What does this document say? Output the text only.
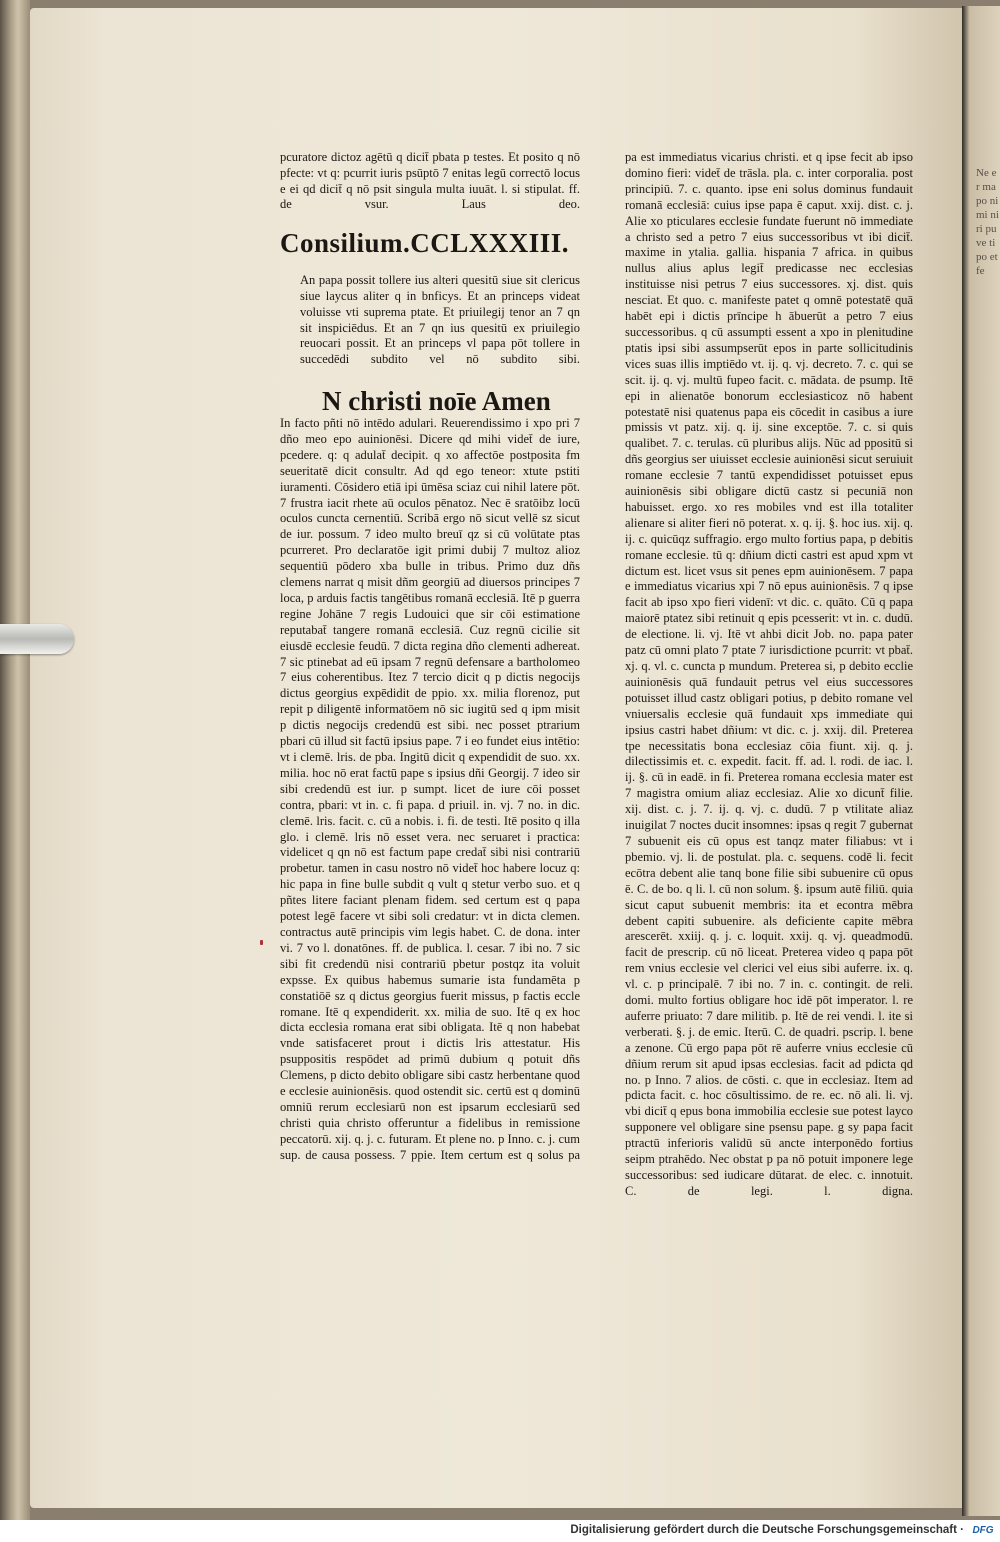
Ne er ma po ni mi ni ri pu ve ti po et fe

pcuratore dictoz agētū q dicit̄ pbata p testes. Et posito q nō pfecte: vt q: pcurrit iuris psūptō 7 enitas legū correctō locus e ei qd dicit̄ q nō psit singula multa iuuāt. l. si stipulat. ff. de vsur. Laus deo.

Consilium.CCLXXXIII.

An papa possit tollere ius alteri quesitū siue sit clericus siue laycus aliter q in bnficys. Et an princeps videat voluisse vti suprema ptate. Et priuilegij tenor an 7 qn sit inspiciēdus. Et an 7 qn ius quesitū ex priuilegio reuocari possit. Et an princeps vl papa pōt tollere in succedēdi subdito vel nō subdito sibi.

N christi noīe Amen

In facto pñti nō intēdo adulari. Reuerendissimo i xpo pri 7 dño meo epo auinionēsi. Dicere qd mihi videt̄ de iure, pcedere. q: q adulat̄ decipit. q xo affectōe postposita fm seueritatē dicit consultr. Ad qd ego teneor: xtute pstiti iuramenti. Cōsidero etiā ipi ūmēsa sciaz cui nihil latere pōt. 7 frustra iacit rhete aū oculos pēnatoz. Nec ē sratōibz locū oculos cuncta cernentiū. Scribā ergo nō sicut vellē sz sicut de iur. possum. 7 ideo multo breuī qz si cū volūtate ptas pcurreret. Pro declaratōe igit primi dubij 7 multoz alioz sequentiū pōdero xba bulle in tribus. Primo duz dñs clemens narrat q misit dñm georgiū ad diuersos principes 7 loca, p arduis factis tangētibus romanā ecclesiā. Itē p guerra regine Johāne 7 regis Ludouici que sir cōi estimatione reputabat̄ tangere romanā ecclesiā. Cuz regnū cicilie sit eiusdē ecclesie feudū. 7 dicta regina dño clementi adhereat. 7 sic ptinebat ad eū ipsam 7 regnū defensare a bartholomeo 7 eius coherentibus. Itez 7 tercio dicit q p dictis negocijs dictus georgius expēdidit de ppio. xx. milia florenoz, put repit p diligentē informatōem nō sic iugitū sed q ipm misit p dictis negocijs credendū est sibi. nec posset ptrarium pbari cū illud sit factū ipsius pape. 7 i eo fundet eius intētio: vt i clemē. lris. de pba. Ingitū dicit q expendidit de suo. xx. milia. hoc nō erat factū pape s ipsius dñi Georgij. 7 ideo sir sibi credendū est iur. p sumpt. licet de iure cōi posset contra, pbari: vt in. c. fi papa. d priuil. in. vj. 7 no. in dic. clemē. lris. facit. c. cū a nobis. i. fi. de testi. Itē posito q illa glo. i clemē. lris nō esset vera. nec seruaret i practica: videlicet q qn nō est factum pape credat̄ sibi nisi contrariū probetur. tamen in casu nostro nō videt̄ hoc habere locuz q: hic papa in fine bulle subdit q vult q stetur verbo suo. et q pñtes litere faciant plenam fidem. sed certum est q papa potest legē facere vt sibi soli credatur: vt in dicta clemen. contractus autē principis vim legis habet. C. de dona. inter vi. 7 vo l. donatōnes. ff. de publica. l. cesar. 7 ibi no. 7 sic sibi fit credendū nisi contrariū pbetur postqz ita voluit expsse. Ex quibus habemus sumarie ista fundamēta p constatiōē sz q dictus georgius fuerit missus, p factis eccle romane. Itē q expendiderit. xx. milia de suo. Itē q ex hoc dicta ecclesia romana erat sibi obligata. Itē q non habebat vnde satisfaceret prout i dictis lris attestatur. His psuppositis respōdet ad primū dubium q potuit dñs Clemens, p dicto debito obligare sibi castz herbentane quod e ecclesie auinionēsis. quod ostendit sic. certū est q dominū omniū rerum ecclesiarū non est ipsarum ecclesiarū sed christi quia christo offeruntur a fidelibus in remissione peccatorū. xij. q. j. c. futuram. Et plene no. p Inno. c. j. cum sup. de causa possess. 7 ppie. Item certum est q solus pa

pa est immediatus vicarius christi. et q ipse fecit ab ipso domino fieri: videt̄ de trāsla. pla. c. inter corporalia. post principiū. 7. c. quanto. ipse eni solus dominus fundauit romanā ecclesiā: cuius ipse papa ē caput. xxij. dist. c. j. Alie xo pticulares ecclesie fundate fuerunt nō immediate a christo sed a petro 7 eius successoribus vt ibi dicit̄. maxime in ytalia. gallia. hispania 7 africa. in quibus nullus alius aplus legit̄ predicasse nec ecclesias instituisse nisi petrus 7 eius successores. xj. dist. quis nesciat. Et quo. c. manifeste patet q omnē potestatē quā habēt epi i dictis prīncipe h ābuerūt a petro 7 eius successoribus. q cū assumpti essent a xpo in plenitudine ptatis ipsi sibi assumpserūt epos in parte sollicitudinis vices suas illis imptiēdo vt. ij. q. vj. decreto. 7. c. qui se scit. ij. q. vj. multū fupeo facit. c. mādata. de psump. Itē epi in alienatōe bonorum ecclesiasticoz nō habent potestatē nisi quatenus papa eis cōcedit in casibus a iure pmissis vt patz. xij. q. ij. sine exceptōe. 7. c. si quis qualibet. 7. c. terulas. cū pluribus alijs. Nūc ad ppositū si dñs georgius ser uiuisset ecclesie auinionēsi sicut seruiuit romane ecclesie 7 tantū expendidisset potuisset epus auinionēsis sibi obligare dictū castz si pecuniā non habuisset. ergo. xo res mobiles vnd est illa totaliter alienare si aliter fieri nō poterat. x. q. ij. §. hoc ius. xij. q. ij. c. quicūqz suffragio. ergo multo fortius papa, p debitis romane ecclesie. tū q: dñium dicti castri est apud xpm vt dictum est. licet vsus sit penes epm auinionēsem. 7 papa e immediatus vicarius xpi 7 nō epus auinionēsis. 7 q ipse facit ab ipso xpo fieri videnī: vt dic. c. quāto. Cū q papa maiorē ptatez sibi retinuit q epis pcesserit: vt in. c. dudū. de electione. li. vj. Itē vt ahbi dicit Job. no. papa pater patz cū omni plato 7 ptate 7 iurisdictione pcurrit: vt pbat̄. xj. q. vl. c. cuncta p mundum. Preterea si, p debito ecclie auinionēsis quā fundauit petrus vel eius successores potuisset illud castz obligari potius, p debito romane vel vniuersalis ecclesie quā fundauit xps immediate qui ipsius castri habet dñium: vt dic. c. j. xxij. dil. Preterea tpe necessitatis bona ecclesiaz cōia fiunt. xij. q. j. dilectissimis et. c. expedit. facit. ff. ad. l. rodi. de iac. l. ij. §. cū in eadē. in fi. Preterea romana ecclesia mater est 7 magistra omium aliaz ecclesiaz. Alie xo dicunt̄ filie. xij. dist. c. j. 7. ij. q. vj. c. dudū. 7 p vtilitate aliaz inuigilat 7 noctes ducit insomnes: ipsas q regit 7 gubernat 7 subuenit eis cū opus est tanqz mater filiabus: vt i pbemio. vj. li. de postulat. pla. c. sequens. codē li. fecit ecōtra debent alie tanq bone filie sibi subuenire cū opus ē. C. de bo. q li. l. cū non solum. §. ipsum autē filiū. quia sicut caput subuenit membris: ita et econtra mēbra debent capiti subuenire. als deficiente capite mēbra arescerēt. xxiij. q. j. c. loquit. xxij. q. vj. queadmodū. facit de prescrip. cū nō liceat. Preterea video q papa pōt rem vnius ecclesie vel clerici vel eius sibi auferre. ix. q. vl. c. p principalē. 7 ibi no. 7 in. c. contingit. de reli. domi. multo fortius obligare hoc idē pōt imperator. l. re auferre priuato: 7 dare militib. p. Itē de rei vendi. l. ite si verberati. §. j. de emic. Iterū. C. de quadri. pscrip. l. bene a zenone. Cū ergo papa pōt rē auferre vnius ecclesie cū dñium rerum sit apud ipsas ecclesias. facit ad pdicta qd no. p Inno. 7 alios. de cōsti. c. que in ecclesiaz. Item ad pdicta facit. c. hoc cōsultissimo. de re. ec. nō ali. li. vj. vbi dicit̄ q epus bona immobilia ecclesie sue potest layco supponere vel obligare sine psensu pape. g sy papa facit ptractū inferioris validū sū ancte interponēdo fortius seipm ptrahēdo. Nec obstat p pa nō potuit imponere lege successoribus: sed iudicare dūtarat. de elec. c. innotuit. C. de legi. l. digna.

Digitalisierung gefördert durch die Deutsche Forschungsgemeinschaft · DFG
